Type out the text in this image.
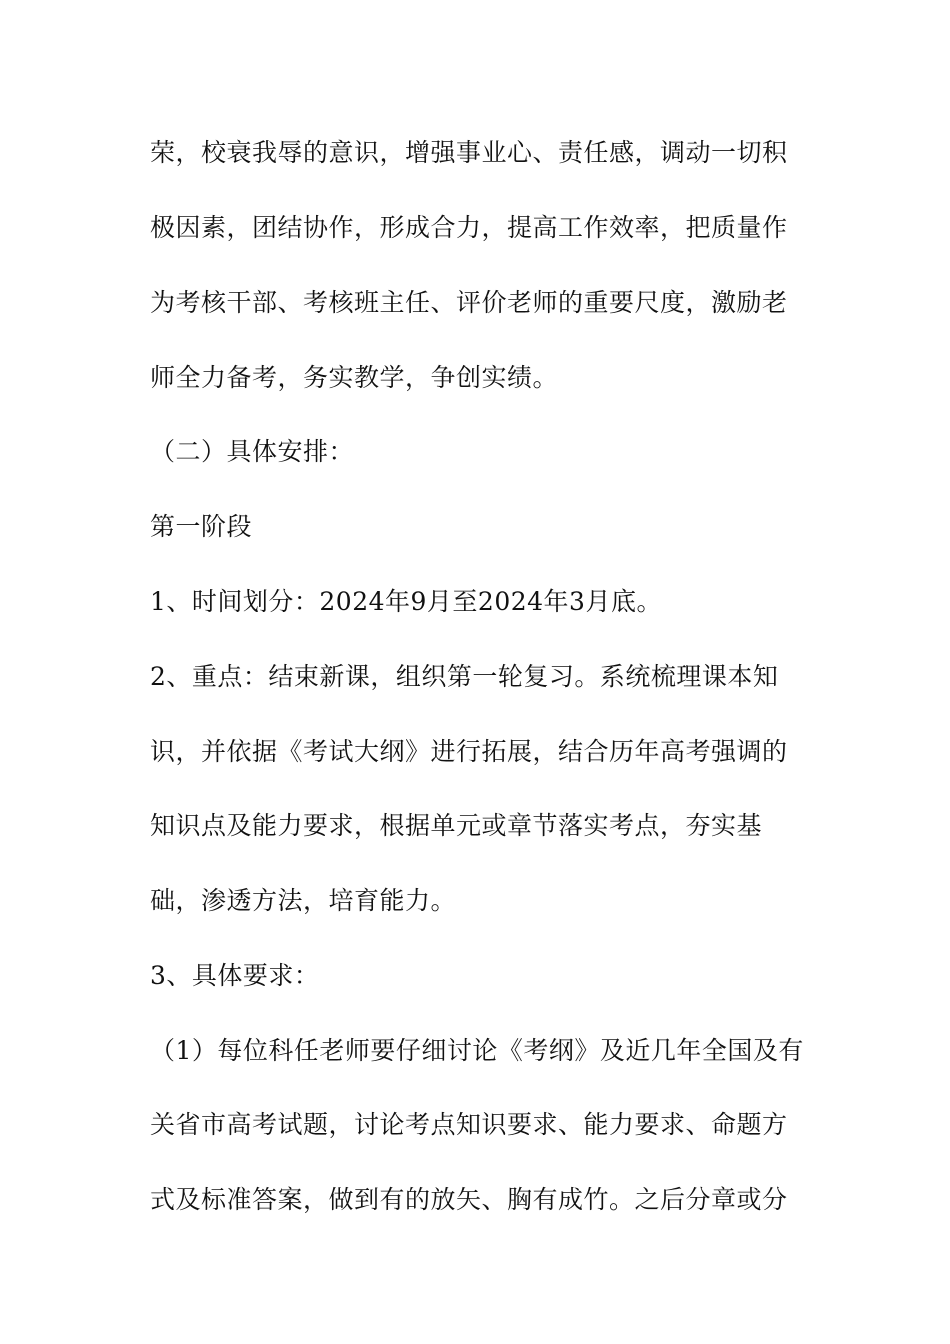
荣，校衰我辱的意识，增强事业心、责任感，调动一切积
极因素，团结协作，形成合力，提高工作效率，把质量作
为考核干部、考核班主任、评价老师的重要尺度，激励老
师全力备考，务实教学，争创实绩。
（二）具体安排：
第一阶段
1、时间划分：2024年9月至2024年3月底。
2、重点：结束新课，组织第一轮复习。系统梳理课本知
识，并依据《考试大纲》进行拓展，结合历年高考强调的
知识点及能力要求，根据单元或章节落实考点，夯实基
础，渗透方法，培育能力。
3、具体要求：
（1）每位科任老师要仔细讨论《考纲》及近几年全国及有
关省市高考试题，讨论考点知识要求、能力要求、命题方
式及标准答案，做到有的放矢、胸有成竹。之后分章或分
